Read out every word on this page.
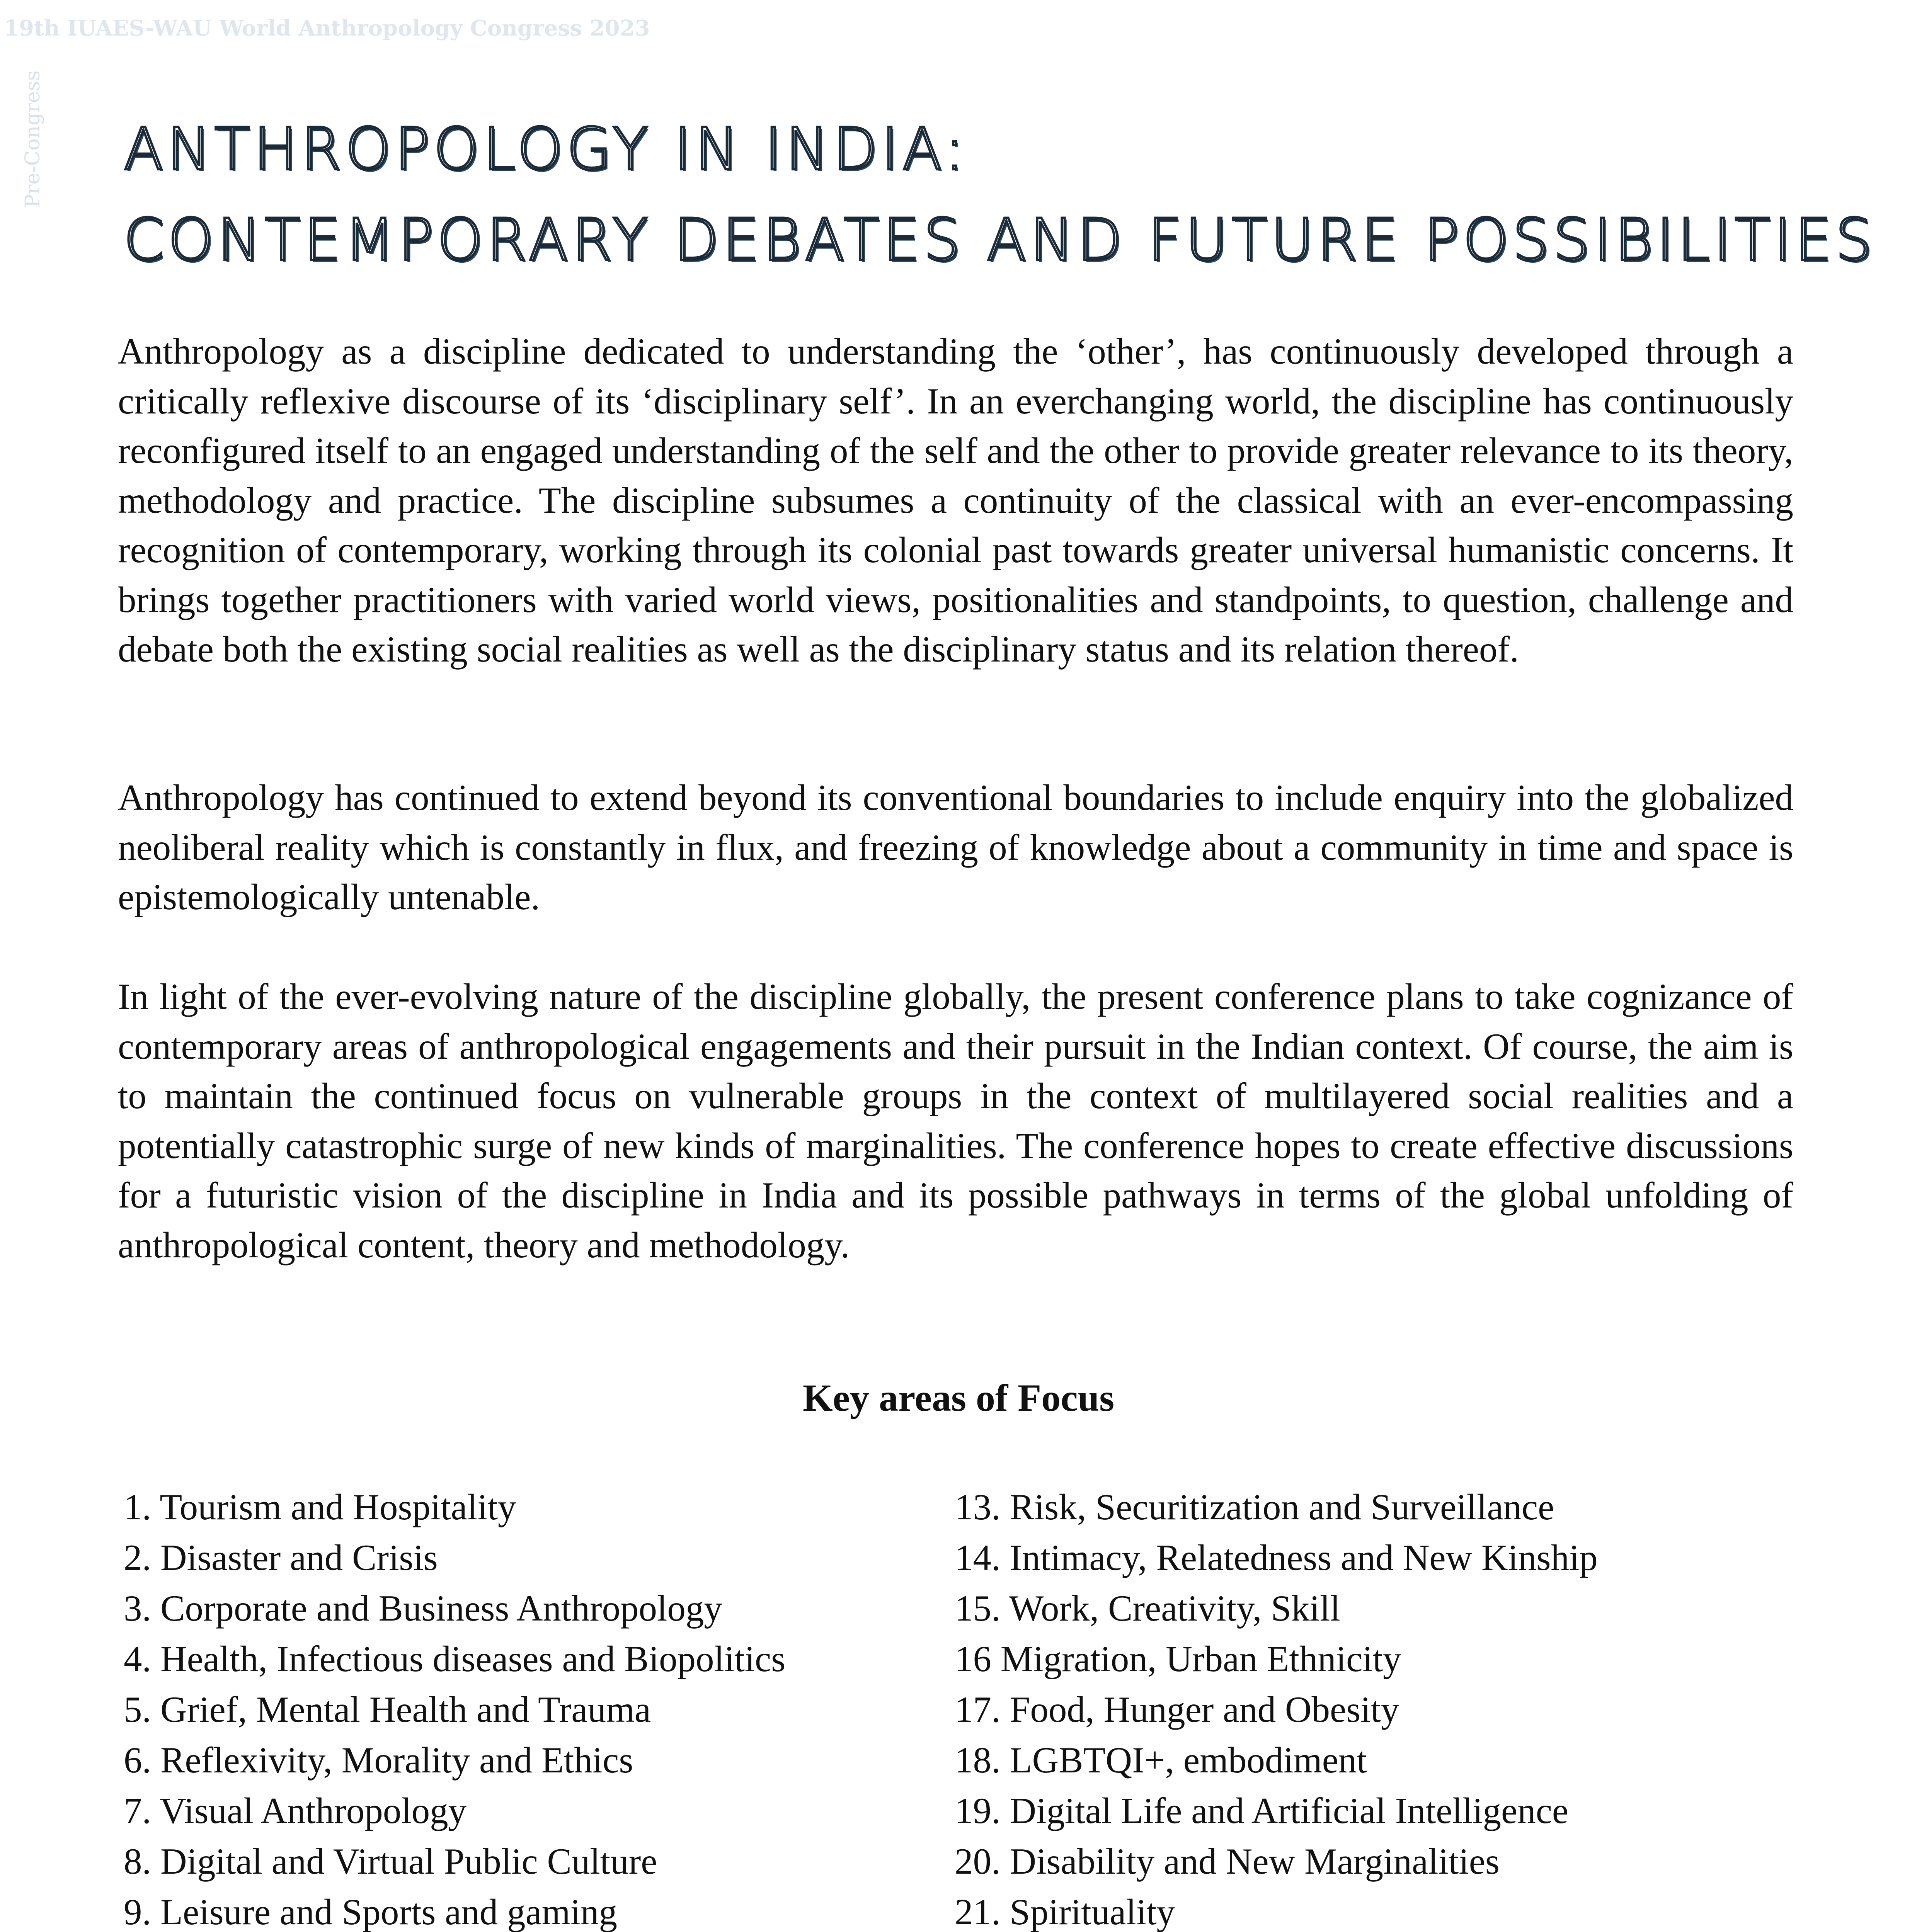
19th IUAES-WAU World Anthropology Congress 2023
Pre-Congress ANTHROPOLOGY IN INDIA:
CONTEMPORARY DEBATES AND FUTURE POSSIBILITIES

Anthropology as a discipline dedicated to understanding the ‘other’, has continuously developed through a critically reflexive discourse of its ‘disciplinary self’. In an everchanging world, the discipline has continuously reconfigured itself to an engaged understanding of the self and the other to provide greater relevance to its theory, methodology and practice. The discipline subsumes a continuity of the classical with an ever-encompassing recognition of contemporary, working through its colonial past towards greater universal humanistic concerns. It brings together practitioners with varied world views, positionalities and standpoints, to question, challenge and debate both the existing social realities as well as the disciplinary status and its relation thereof.

Anthropology has continued to extend beyond its conventional boundaries to include enquiry into the globalized neoliberal reality which is constantly in flux, and freezing of knowledge about a community in time and space is epistemologically untenable.

In light of the ever-evolving nature of the discipline globally, the present conference plans to take cognizance of contemporary areas of anthropological engagements and their pursuit in the Indian context. Of course, the aim is to maintain the continued focus on vulnerable groups in the context of multilayered social realities and a potentially catastrophic surge of new kinds of marginalities. The conference hopes to create effective discussions for a futuristic vision of the discipline in India and its possible pathways in terms of the global unfolding of anthropological content, theory and methodology.

Key areas of Focus
1. Tourism and Hospitality
2. Disaster and Crisis
3. Corporate and Business Anthropology
4. Health, Infectious diseases and Biopolitics
5. Grief, Mental Health and Trauma
6. Reflexivity, Morality and Ethics
7. Visual Anthropology
8. Digital and Virtual Public Culture
9. Leisure and Sports and gaming
13. Risk, Securitization and Surveillance
14. Intimacy, Relatedness and New Kinship
15. Work, Creativity, Skill
16 Migration, Urban Ethnicity
17. Food, Hunger and Obesity
18. LGBTQI+, embodiment
19. Digital Life and Artificial Intelligence
20. Disability and New Marginalities
21. Spirituality
